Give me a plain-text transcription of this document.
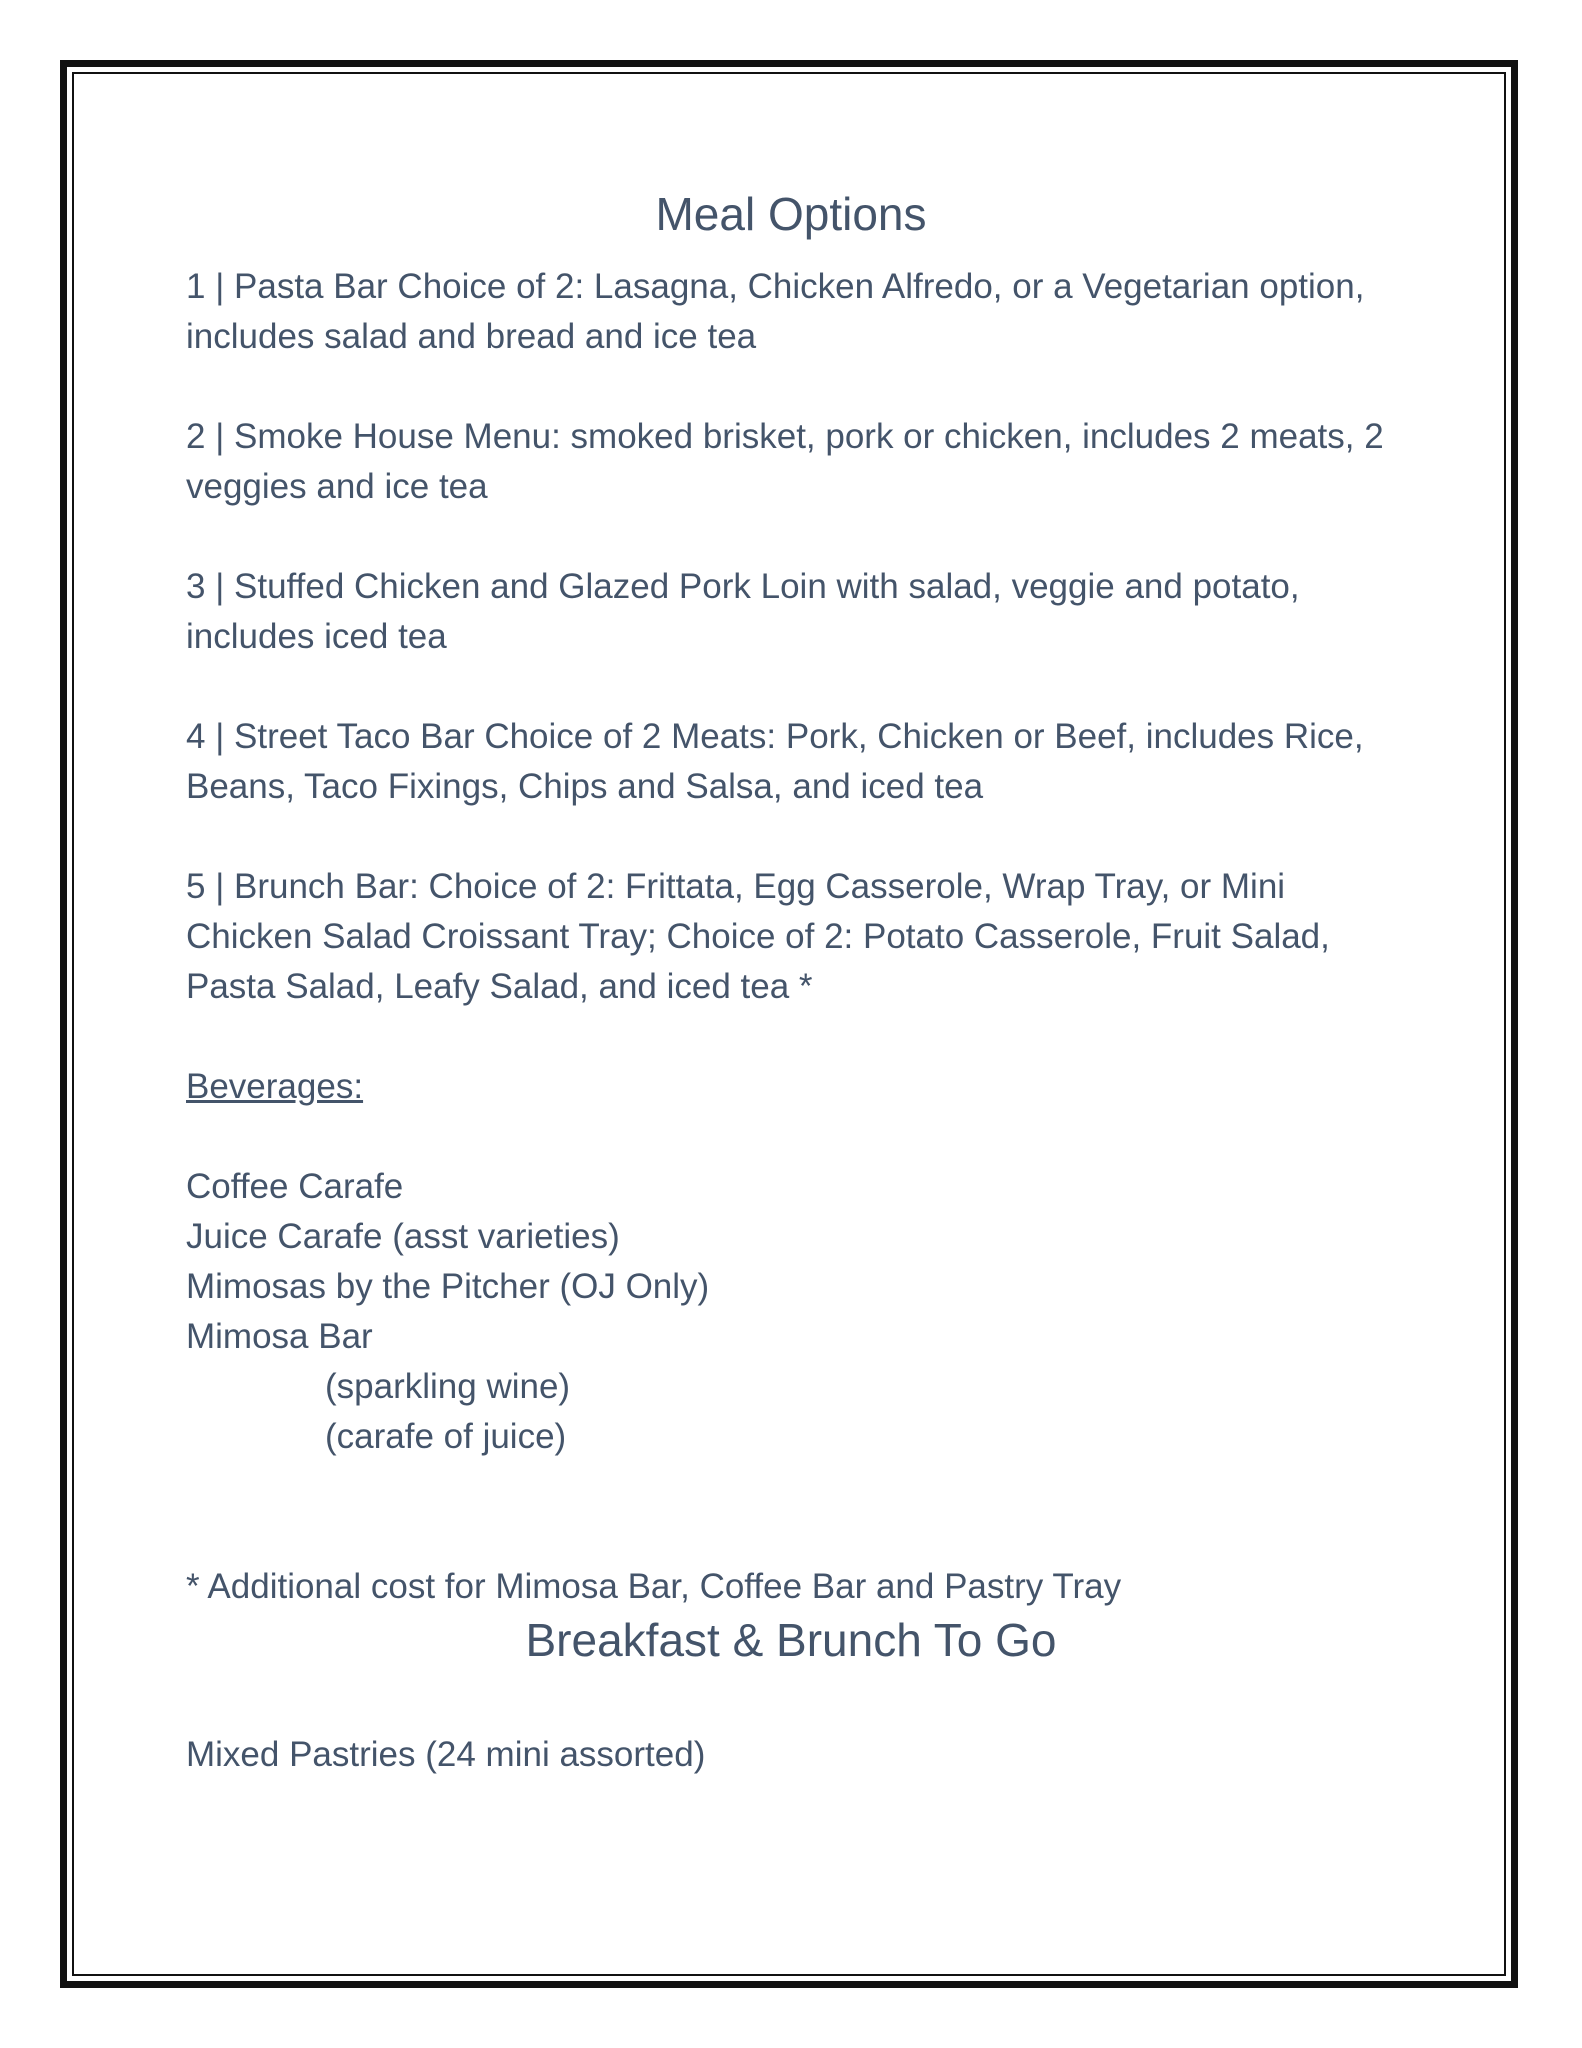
Meal Options

1 | Pasta Bar Choice of 2: Lasagna, Chicken Alfredo, or a Vegetarian option, includes salad and bread and ice tea

2 | Smoke House Menu: smoked brisket, pork or chicken, includes 2 meats, 2 veggies and ice tea

3 | Stuffed Chicken and Glazed Pork Loin with salad, veggie and potato, includes iced tea

4 | Street Taco Bar Choice of 2 Meats: Pork, Chicken or Beef, includes Rice, Beans, Taco Fixings, Chips and Salsa, and iced tea

5 | Brunch Bar: Choice of 2: Frittata, Egg Casserole, Wrap Tray, or Mini Chicken Salad Croissant Tray; Choice of 2: Potato Casserole, Fruit Salad, Pasta Salad, Leafy Salad, and iced tea *

Beverages:

Coffee Carafe

Juice Carafe (asst varieties)

Mimosas by the Pitcher (OJ Only)

Mimosa Bar

(sparkling wine)

(carafe of juice)

* Additional cost for Mimosa Bar, Coffee Bar and Pastry Tray

Breakfast & Brunch To Go

Mixed Pastries (24 mini assorted)
